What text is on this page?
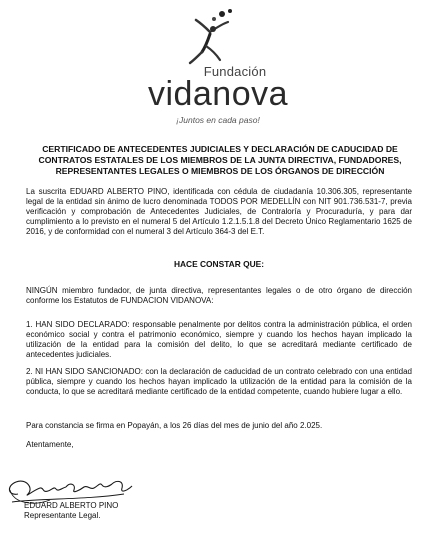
Fundación
vidanova
¡Juntos en cada paso!
CERTIFICADO DE ANTECEDENTES JUDICIALES Y DECLARACIÓN DE CADUCIDAD DE CONTRATOS ESTATALES DE LOS MIEMBROS DE LA JUNTA DIRECTIVA, FUNDADORES, REPRESENTANTES LEGALES O MIEMBROS DE LOS ÓRGANOS DE DIRECCIÓN
La suscrita EDUARD ALBERTO PINO, identificada con cédula de ciudadanía 10.306.305, representante legal de la entidad sin ánimo de lucro denominada TODOS POR MEDELLÍN con NIT 901.736.531-7, previa verificación y comprobación de Antecedentes Judiciales, de Contraloría y Procuraduría, y para dar cumplimiento a lo previsto en el numeral 5 del Artículo 1.2.1.5.1.8 del Decreto Único Reglamentario 1625 de 2016, y de conformidad con el numeral 3 del Artículo 364-3 del E.T.
HACE CONSTAR QUE:
NINGÚN miembro fundador, de junta directiva, representantes legales o de otro órgano de dirección conforme los Estatutos de FUNDACION VIDANOVA:
1. HAN SIDO DECLARADO: responsable penalmente por delitos contra la administración pública, el orden económico social y contra el patrimonio económico, siempre y cuando los hechos hayan implicado la utilización de la entidad para la comisión del delito, lo que se acreditará mediante certificado de antecedentes judiciales.
2. NI HAN SIDO SANCIONADO: con la declaración de caducidad de un contrato celebrado con una entidad pública, siempre y cuando los hechos hayan implicado la utilización de la entidad para la comisión de la conducta, lo que se acreditará mediante certificado de la entidad competente, cuando hubiere lugar a ello.
Para constancia se firma en Popayán, a los 26 días del mes de junio del año 2.025.
Atentamente,
EDUARD ALBERTO PINO
Representante Legal.
